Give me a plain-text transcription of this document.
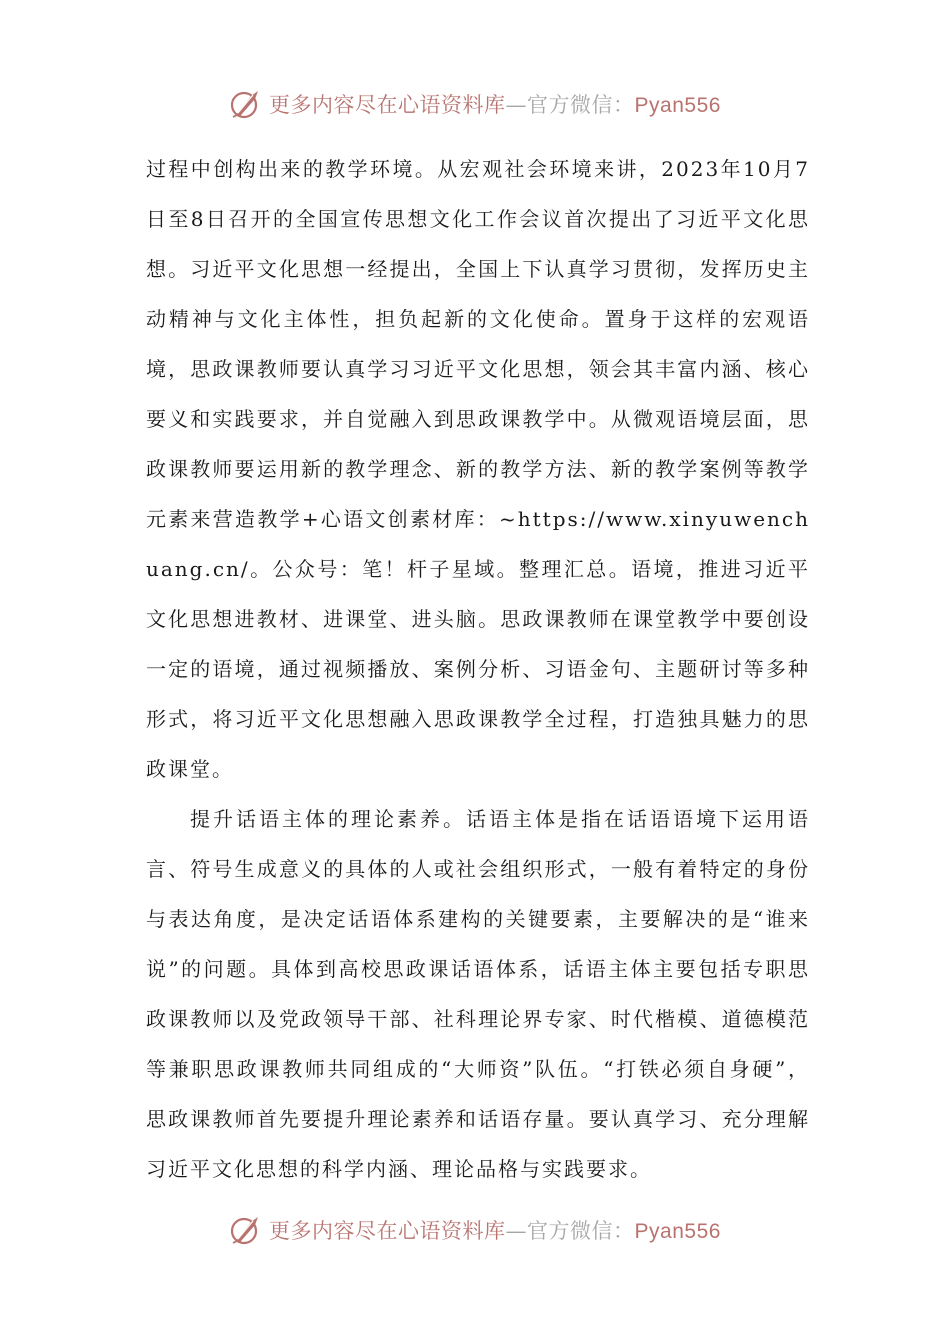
更多内容尽在心语资料库—官方微信：Pyan556

过程中创构出来的教学环境。从宏观社会环境来讲，2023年10月7日至8日召开的全国宣传思想文化工作会议首次提出了习近平文化思想。习近平文化思想一经提出，全国上下认真学习贯彻，发挥历史主动精神与文化主体性，担负起新的文化使命。置身于这样的宏观语境，思政课教师要认真学习习近平文化思想，领会其丰富内涵、核心要义和实践要求，并自觉融入到思政课教学中。从微观语境层面，思政课教师要运用新的教学理念、新的教学方法、新的教学案例等教学元素来营造教学+心语文创素材库：~https://www.xinyuwenchuang.cn/。公众号：笔！杆子星域。整理汇总。语境，推进习近平文化思想进教材、进课堂、进头脑。思政课教师在课堂教学中要创设一定的语境，通过视频播放、案例分析、习语金句、主题研讨等多种形式，将习近平文化思想融入思政课教学全过程，打造独具魅力的思政课堂。

提升话语主体的理论素养。话语主体是指在话语语境下运用语言、符号生成意义的具体的人或社会组织形式，一般有着特定的身份与表达角度，是决定话语体系建构的关键要素，主要解决的是“谁来说”的问题。具体到高校思政课话语体系，话语主体主要包括专职思政课教师以及党政领导干部、社科理论界专家、时代楷模、道德模范等兼职思政课教师共同组成的“大师资”队伍。“打铁必须自身硬”，思政课教师首先要提升理论素养和话语存量。要认真学习、充分理解习近平文化思想的科学内涵、理论品格与实践要求。

更多内容尽在心语资料库—官方微信：Pyan556
